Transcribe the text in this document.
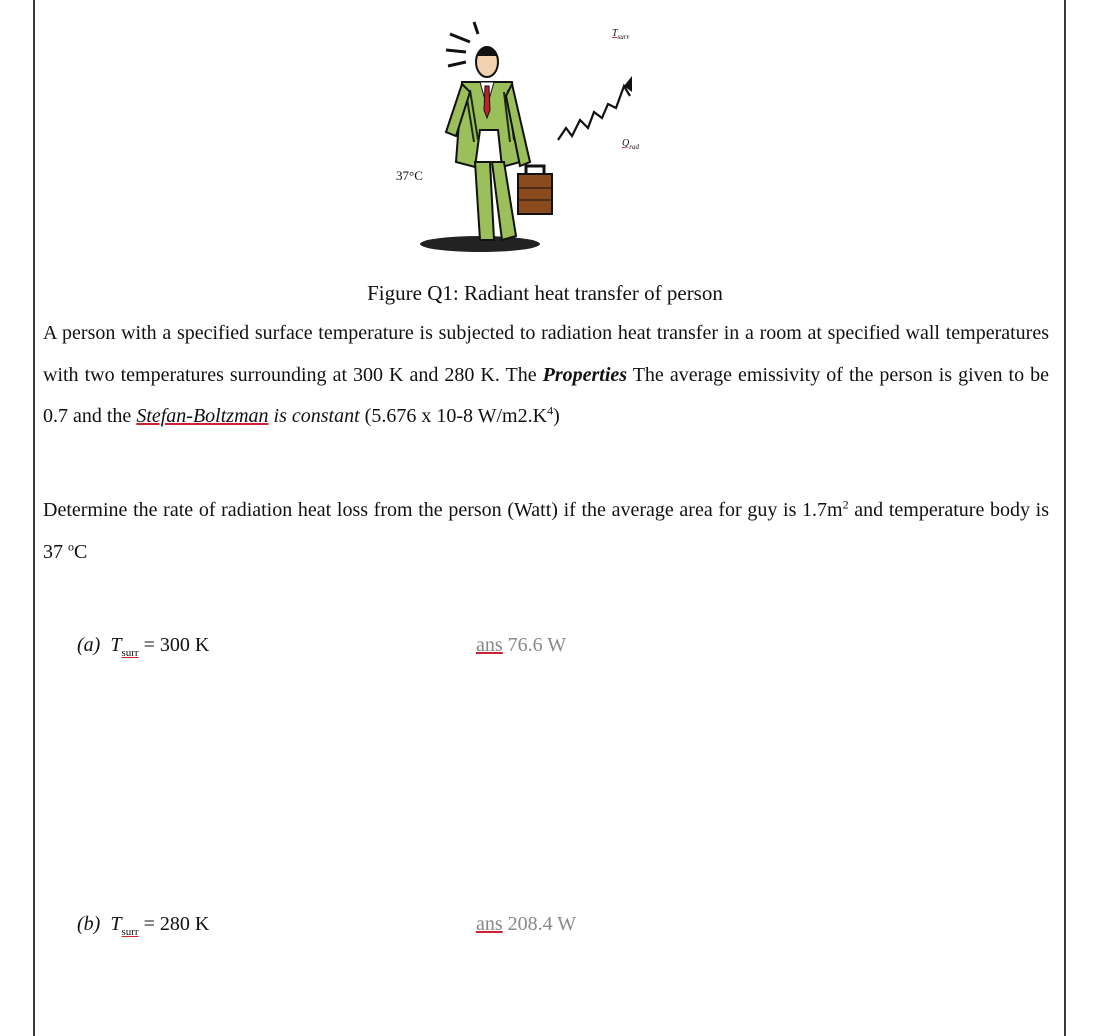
37°C
$T_{surr}$
$Q_{rad}$
Figure Q1: Radiant heat transfer of person
A person with a specified surface temperature is subjected to radiation heat transfer in a room at specified wall temperatures with two temperatures surrounding at 300 K and 280 K. The Properties The average emissivity of the person is given to be 0.7 and the Stefan-Boltzman is constant (5.676 x 10-8 $W/m2.K^4$)
Determine the rate of radiation heat loss from the person (Watt) if the average area for guy is $1.7m^2$ and temperature body is 37 $^o$C
(a) $T_{surr} = 300$ K	ans 76.6 W
(b) $T_{surr} = 280$ K	ans 208.4 W
